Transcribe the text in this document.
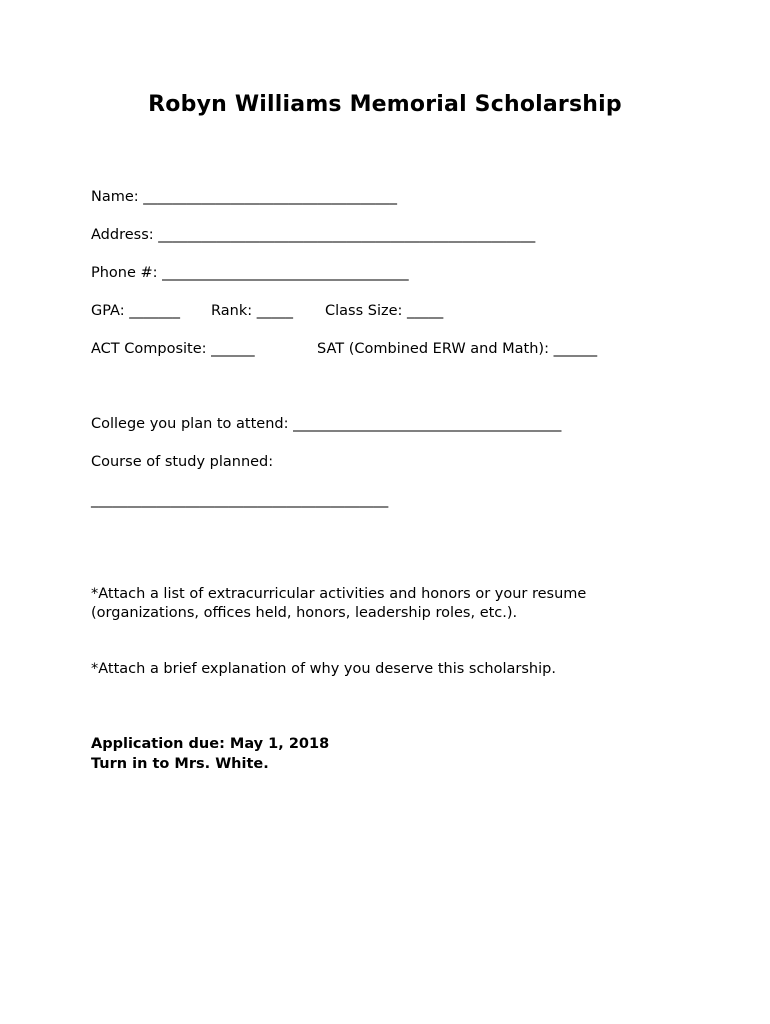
Robyn Williams Memorial Scholarship
Name: ___________________________________
Address: ____________________________________________________
Phone #: __________________________________
GPA: _______ Rank: _____ Class Size: _____
ACT Composite: ______	SAT (Combined ERW and Math): ______
College you plan to attend: _____________________________________
Course of study planned:
_________________________________________
*Attach a list of extracurricular activities and honors or your resume
(organizations, offices held, honors, leadership roles, etc.).
*Attach a brief explanation of why you deserve this scholarship.
Application due: May 1, 2018
Turn in to Mrs. White.
